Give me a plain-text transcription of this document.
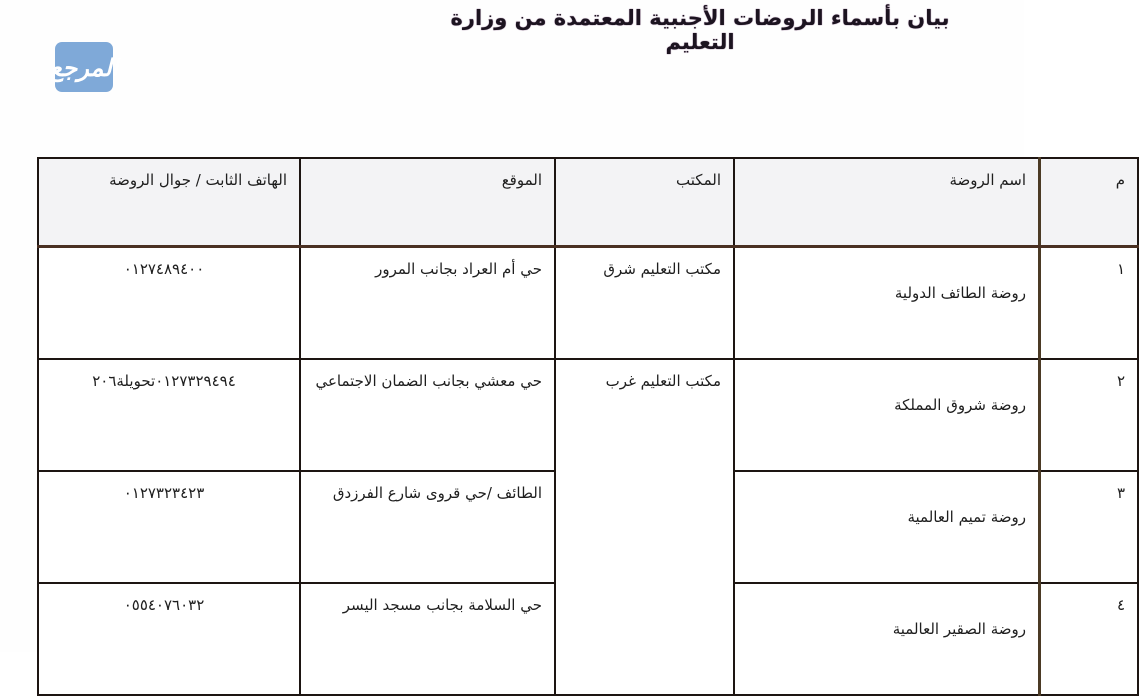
بيان بأسماء الروضات الأجنبية المعتمدة من وزارة التعليم
المرجع
م	اسم الروضة	المكتب	الموقع	الهاتف الثابت / جوال الروضة
١	روضة الطائف الدولية	مكتب التعليم شرق	حي أم العراد بجانب المرور	٠١٢٧٤٨٩٤٠٠
٢	روضة شروق المملكة	مكتب التعليم غرب	حي معشي بجانب الضمان الاجتماعي	٠١٢٧٣٢٩٤٩٤تحويلة٢٠٦
٣	روضة تميم العالمية		الطائف /حي قروى شارع الفرزدق	٠١٢٧٣٢٣٤٢٣
٤	روضة الصقير العالمية		حي السلامة بجانب مسجد اليسر	٠٥٥٤٠٧٦٠٣٢
